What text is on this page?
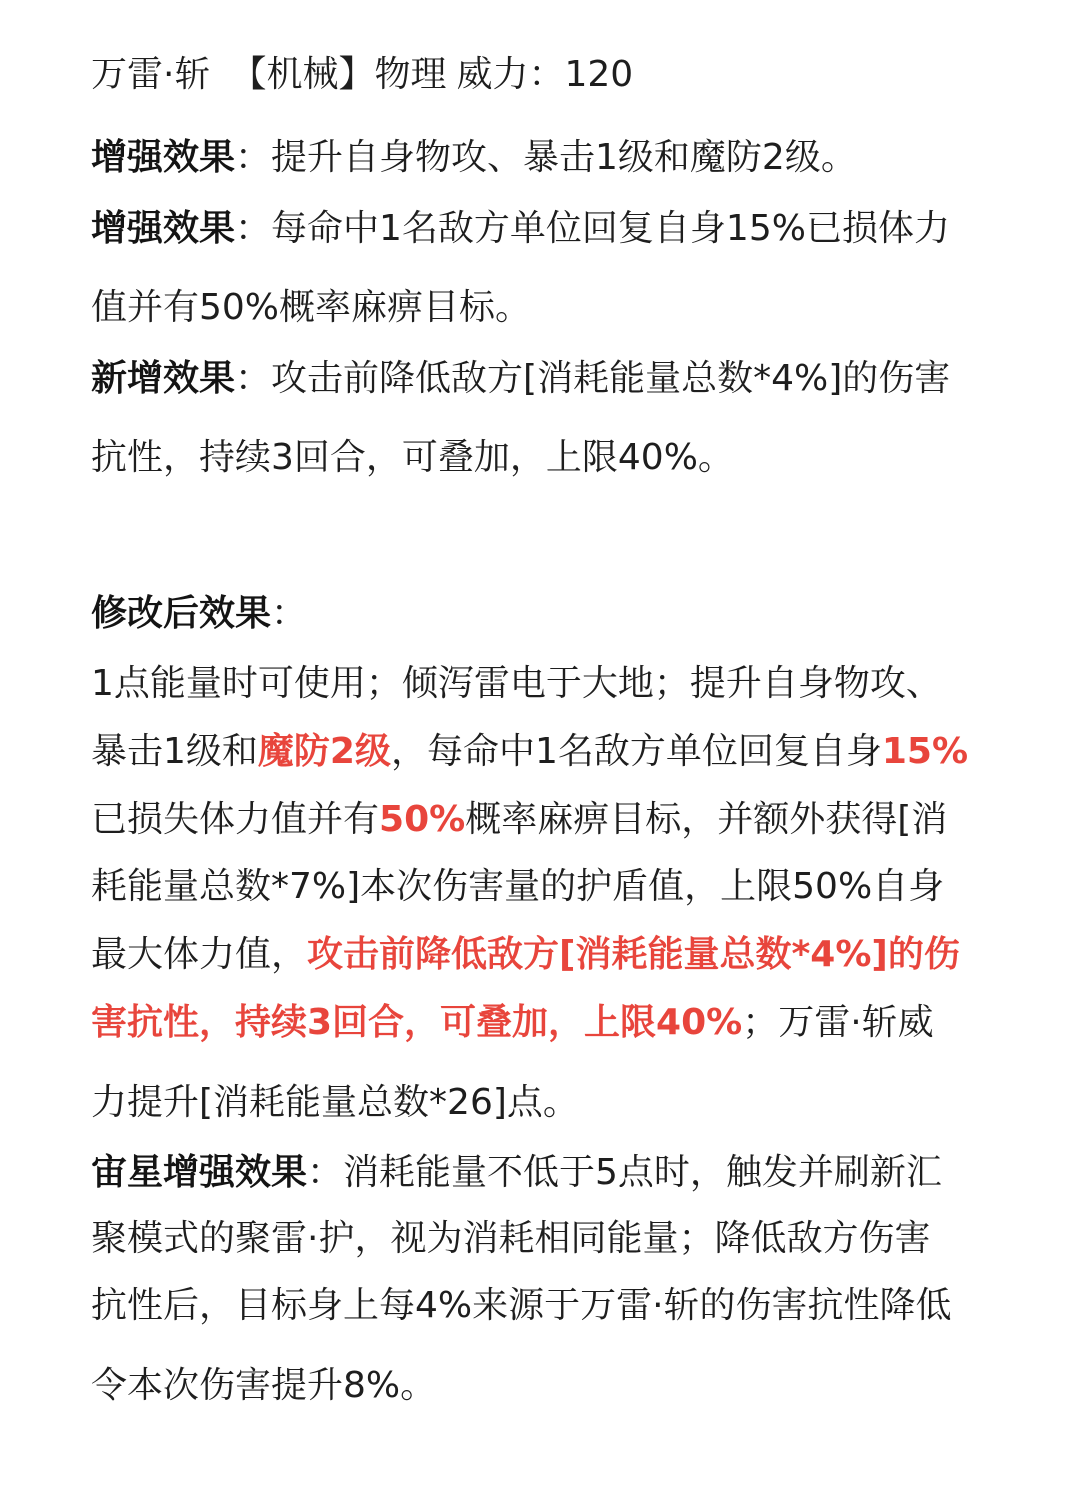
万雷·斩 【机械】物理 威力：120
增强效果：提升自身物攻、暴击1级和魔防2级。
增强效果：每命中1名敌方单位回复自身15%已损体力
值并有50%概率麻痹目标。
新增效果：攻击前降低敌方[消耗能量总数*4%]的伤害
抗性，持续3回合，可叠加，上限40%。
修改后效果：
1点能量时可使用；倾泻雷电于大地；提升自身物攻、
暴击1级和魔防2级，每命中1名敌方单位回复自身15%
已损失体力值并有50%概率麻痹目标，并额外获得[消
耗能量总数*7%]本次伤害量的护盾值，上限50%自身
最大体力值，攻击前降低敌方[消耗能量总数*4%]的伤
害抗性，持续3回合，可叠加，上限40%；万雷·斩威
力提升[消耗能量总数*26]点。
宙星增强效果：消耗能量不低于5点时，触发并刷新汇
聚模式的聚雷·护，视为消耗相同能量；降低敌方伤害
抗性后，目标身上每4%来源于万雷·斩的伤害抗性降低
令本次伤害提升8%。
